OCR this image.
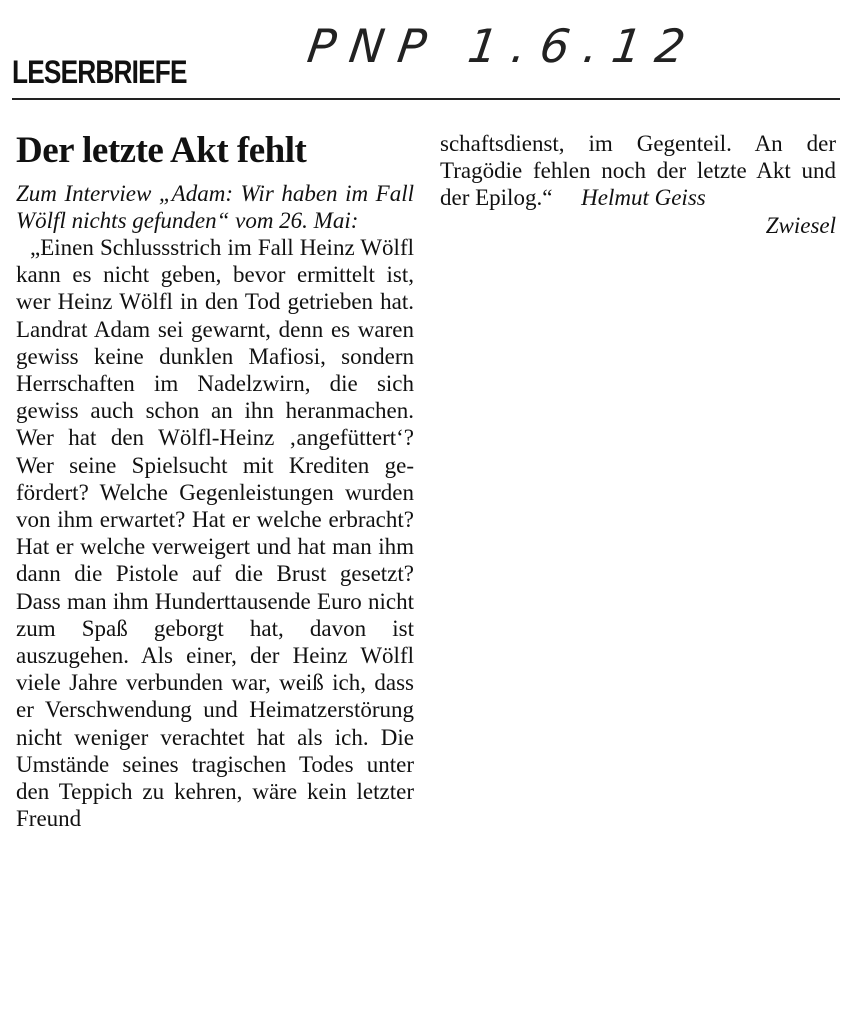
LESERBRIEFE	PNP 1.6.12
Der letzte Akt fehlt

Zum Interview „Adam: Wir haben im Fall Wölfl nichts gefunden“ vom 26. Mai:

„Einen Schlussstrich im Fall Heinz Wölfl kann es nicht geben, bevor ermittelt ist, wer Heinz Wölfl in den Tod getrieben hat. Landrat Adam sei gewarnt, denn es waren gewiss keine dunklen Mafiosi, sondern Herrschaften im Nadelzwirn, die sich gewiss auch schon an ihn heranmachen. Wer hat den Wölfl-Heinz ‚angefüttert‘? Wer seine Spielsucht mit Krediten gefördert? Welche Gegenleistungen wurden von ihm erwartet? Hat er welche erbracht? Hat er welche verweigert und hat man ihm dann die Pistole auf die Brust gesetzt? Dass man ihm Hunderttausende Euro nicht zum Spaß geborgt hat, davon ist auszugehen. Als einer, der Heinz Wölfl viele Jahre verbunden war, weiß ich, dass er Verschwendung und Heimatzerstörung nicht weniger verachtet hat als ich. Die Umstände seines tragischen Todes unter den Teppich zu kehren, wäre kein letzter Freund

schaftsdienst, im Gegenteil. An der Tragödie fehlen noch der letzte Akt und der Epilog.“ Helmut Geiss

Zwiesel
